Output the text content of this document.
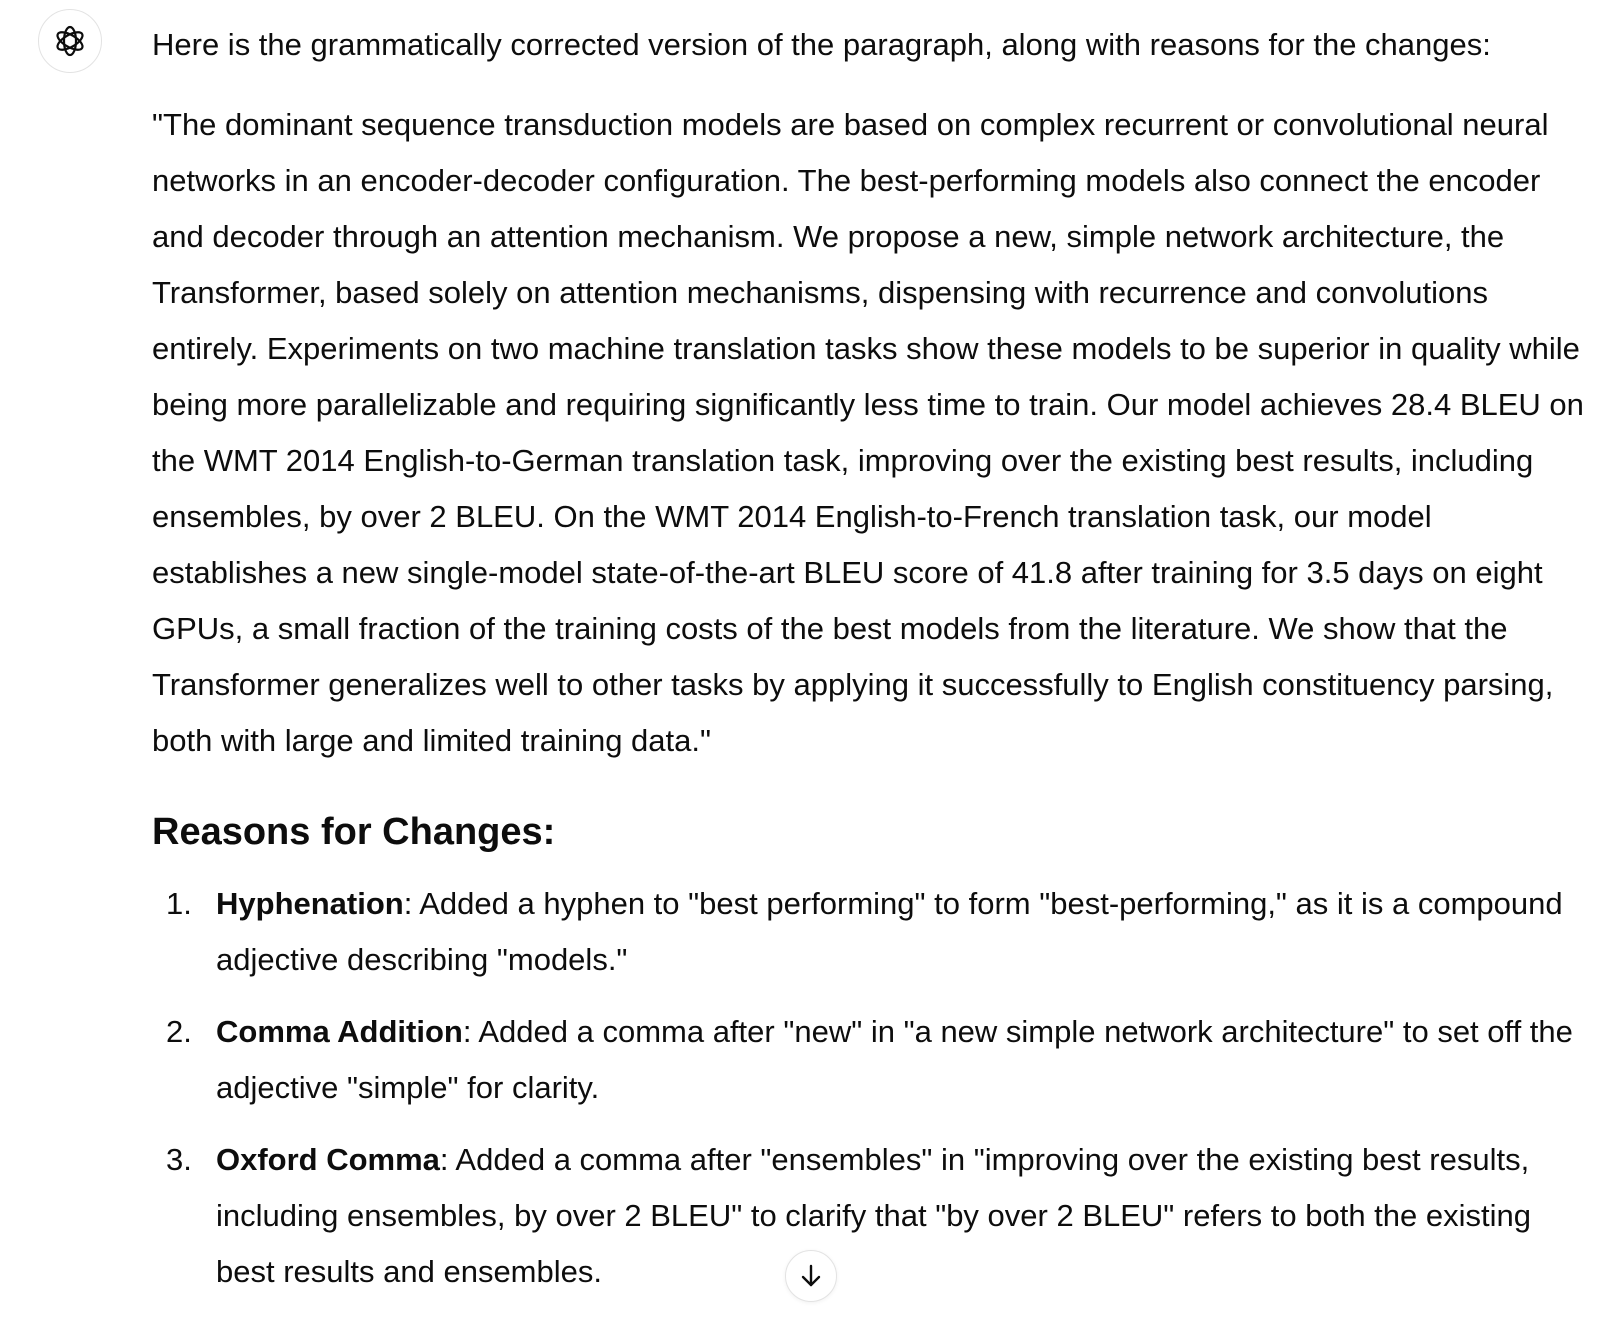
Here is the grammatically corrected version of the paragraph, along with reasons for the changes:

"The dominant sequence transduction models are based on complex recurrent or convolutional neural networks in an encoder-decoder configuration. The best-performing models also connect the encoder and decoder through an attention mechanism. We propose a new, simple network architecture, the Transformer, based solely on attention mechanisms, dispensing with recurrence and convolutions entirely. Experiments on two machine translation tasks show these models to be superior in quality while being more parallelizable and requiring significantly less time to train. Our model achieves 28.4 BLEU on the WMT 2014 English-to-German translation task, improving over the existing best results, including ensembles, by over 2 BLEU. On the WMT 2014 English-to-French translation task, our model establishes a new single-model state-of-the-art BLEU score of 41.8 after training for 3.5 days on eight GPUs, a small fraction of the training costs of the best models from the literature. We show that the Transformer generalizes well to other tasks by applying it successfully to English constituency parsing, both with large and limited training data."

Reasons for Changes:
1. Hyphenation: Added a hyphen to "best performing" to form "best-performing," as it is a compound adjective describing "models."
2. Comma Addition: Added a comma after "new" in "a new simple network architecture" to set off the adjective "simple" for clarity.
3. Oxford Comma: Added a comma after "ensembles" in "improving over the existing best results, including ensembles, by over 2 BLEU" to clarify that "by over 2 BLEU" refers to both the existing best results and ensembles.
